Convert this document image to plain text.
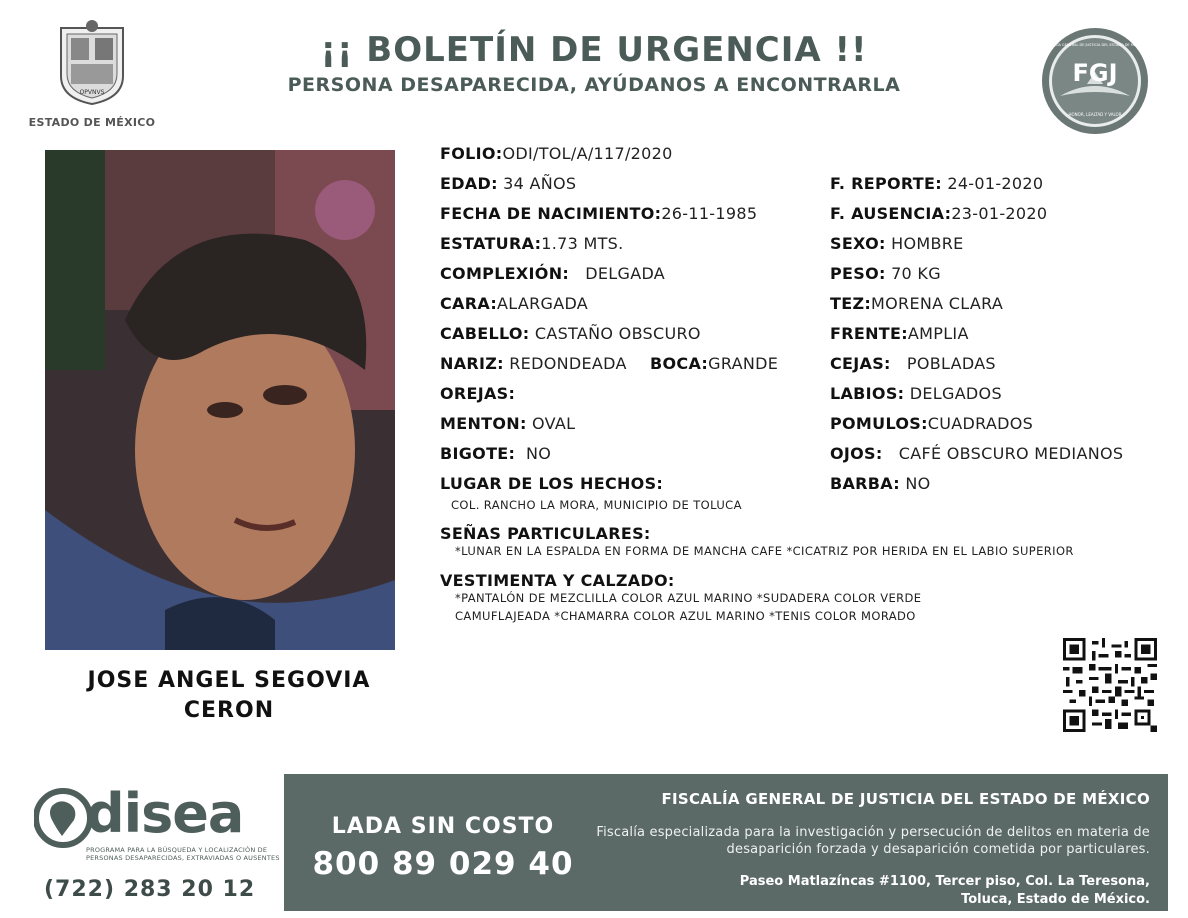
¡¡ BOLETÍN DE URGENCIA !!
PERSONA DESAPARECIDA, AYÚDANOS A ENCONTRARLA
OPVNVS
ESTADO DE MÉXICO
FGJ
HONOR, LEALTAD Y VALOR
FISCALÍA GENERAL DE JUSTICIA DEL ESTADO DE MÉXICO
JOSE ANGEL SEGOVIA
CERON
FOLIO:ODI/TOL/A/117/2020
EDAD: 34 AÑOS
FECHA DE NACIMIENTO:26-11-1985
ESTATURA:1.73 MTS.
COMPLEXIÓN: DELGADA
CARA:ALARGADA
CABELLO: CASTAÑO OBSCURO
NARIZ: REDONDEADA BOCA:GRANDE
OREJAS:
MENTON: OVAL
BIGOTE: NO
LUGAR DE LOS HECHOS:
COL. RANCHO LA MORA, MUNICIPIO DE TOLUCA
F. REPORTE: 24-01-2020
F. AUSENCIA:23-01-2020
SEXO: HOMBRE
PESO: 70 KG
TEZ:MORENA CLARA
FRENTE:AMPLIA
CEJAS: POBLADAS
LABIOS: DELGADOS
POMULOS:CUADRADOS
OJOS: CAFÉ OBSCURO MEDIANOS
BARBA: NO
SEÑAS PARTICULARES:
*LUNAR EN LA ESPALDA EN FORMA DE MANCHA CAFE *CICATRIZ POR HERIDA EN EL LABIO SUPERIOR
VESTIMENTA Y CALZADO:
*PANTALÓN DE MEZCLILLA COLOR AZUL MARINO *SUDADERA COLOR VERDE
CAMUFLAJEADA *CHAMARRA COLOR AZUL MARINO *TENIS COLOR MORADO
disea
PROGRAMA PARA LA BÚSQUEDA Y LOCALIZACIÓN DE PERSONAS DESAPARECIDAS, EXTRAVIADAS O AUSENTES
(722) 283 20 12
LADA SIN COSTO
800 89 029 40
FISCALÍA GENERAL DE JUSTICIA DEL ESTADO DE MÉXICO
Fiscalía especializada para la investigación y persecución de delitos en materia de desaparición forzada y desaparición cometida por particulares.
Paseo Matlazíncas #1100, Tercer piso, Col. La Teresona,
Toluca, Estado de México.
